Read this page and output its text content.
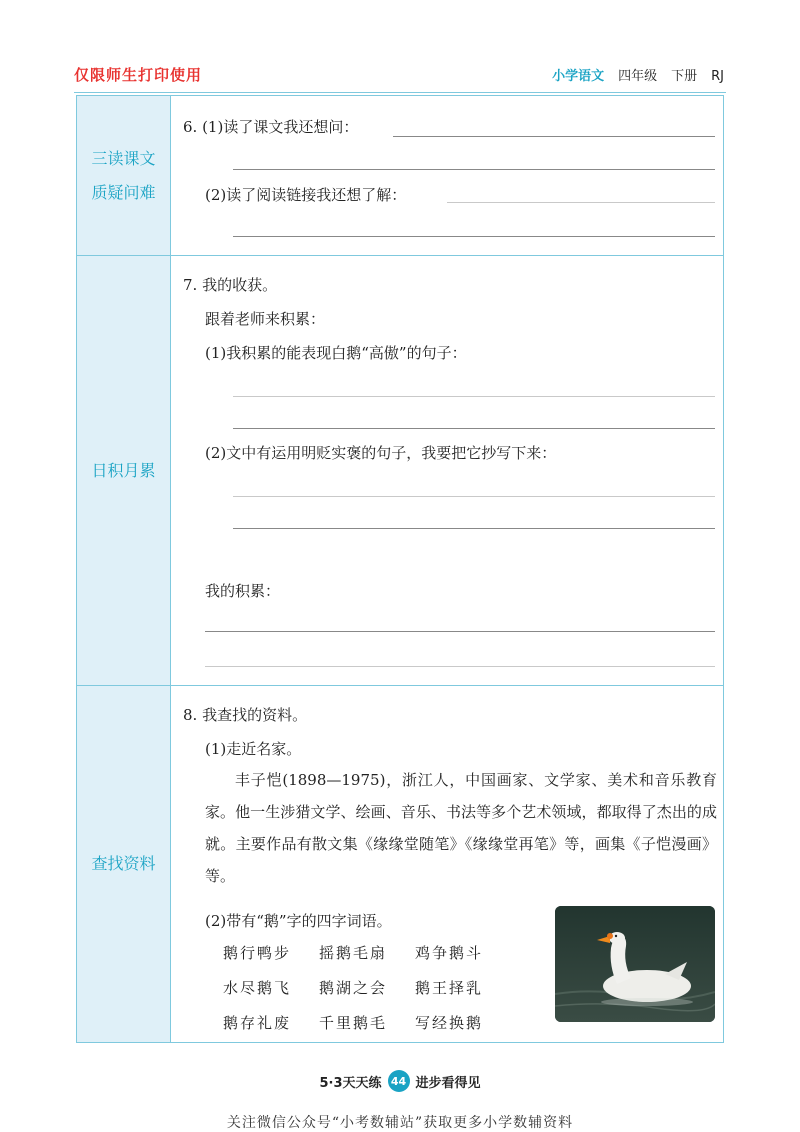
仅限师生打印使用	小学语文 四年级 下册 RJ
三读课文
质疑问难
6. (1)读了课文我还想问：
(2)读了阅读链接我还想了解：
日积月累
7. 我的收获。
跟着老师来积累：
(1)我积累的能表现白鹅“高傲”的句子：
(2)文中有运用明贬实褒的句子，我要把它抄写下来：
我的积累：
查找资料
8. 我查找的资料。
(1)走近名家。
丰子恺(1898—1975)，浙江人，中国画家、文学家、美术和音乐教育家。他一生涉猎文学、绘画、音乐、书法等多个艺术领域，都取得了杰出的成就。主要作品有散文集《缘缘堂随笔》《缘缘堂再笔》等，画集《子恺漫画》等。
(2)带有“鹅”字的四字词语。
鹅行鸭步	摇鹅毛扇	鸡争鹅斗
水尽鹅飞	鹅湖之会	鹅王择乳
鹅存礼废	千里鹅毛	写经换鹅
5·3天天练 44 进步看得见
关注微信公众号“小考数辅站”获取更多小学数辅资料
